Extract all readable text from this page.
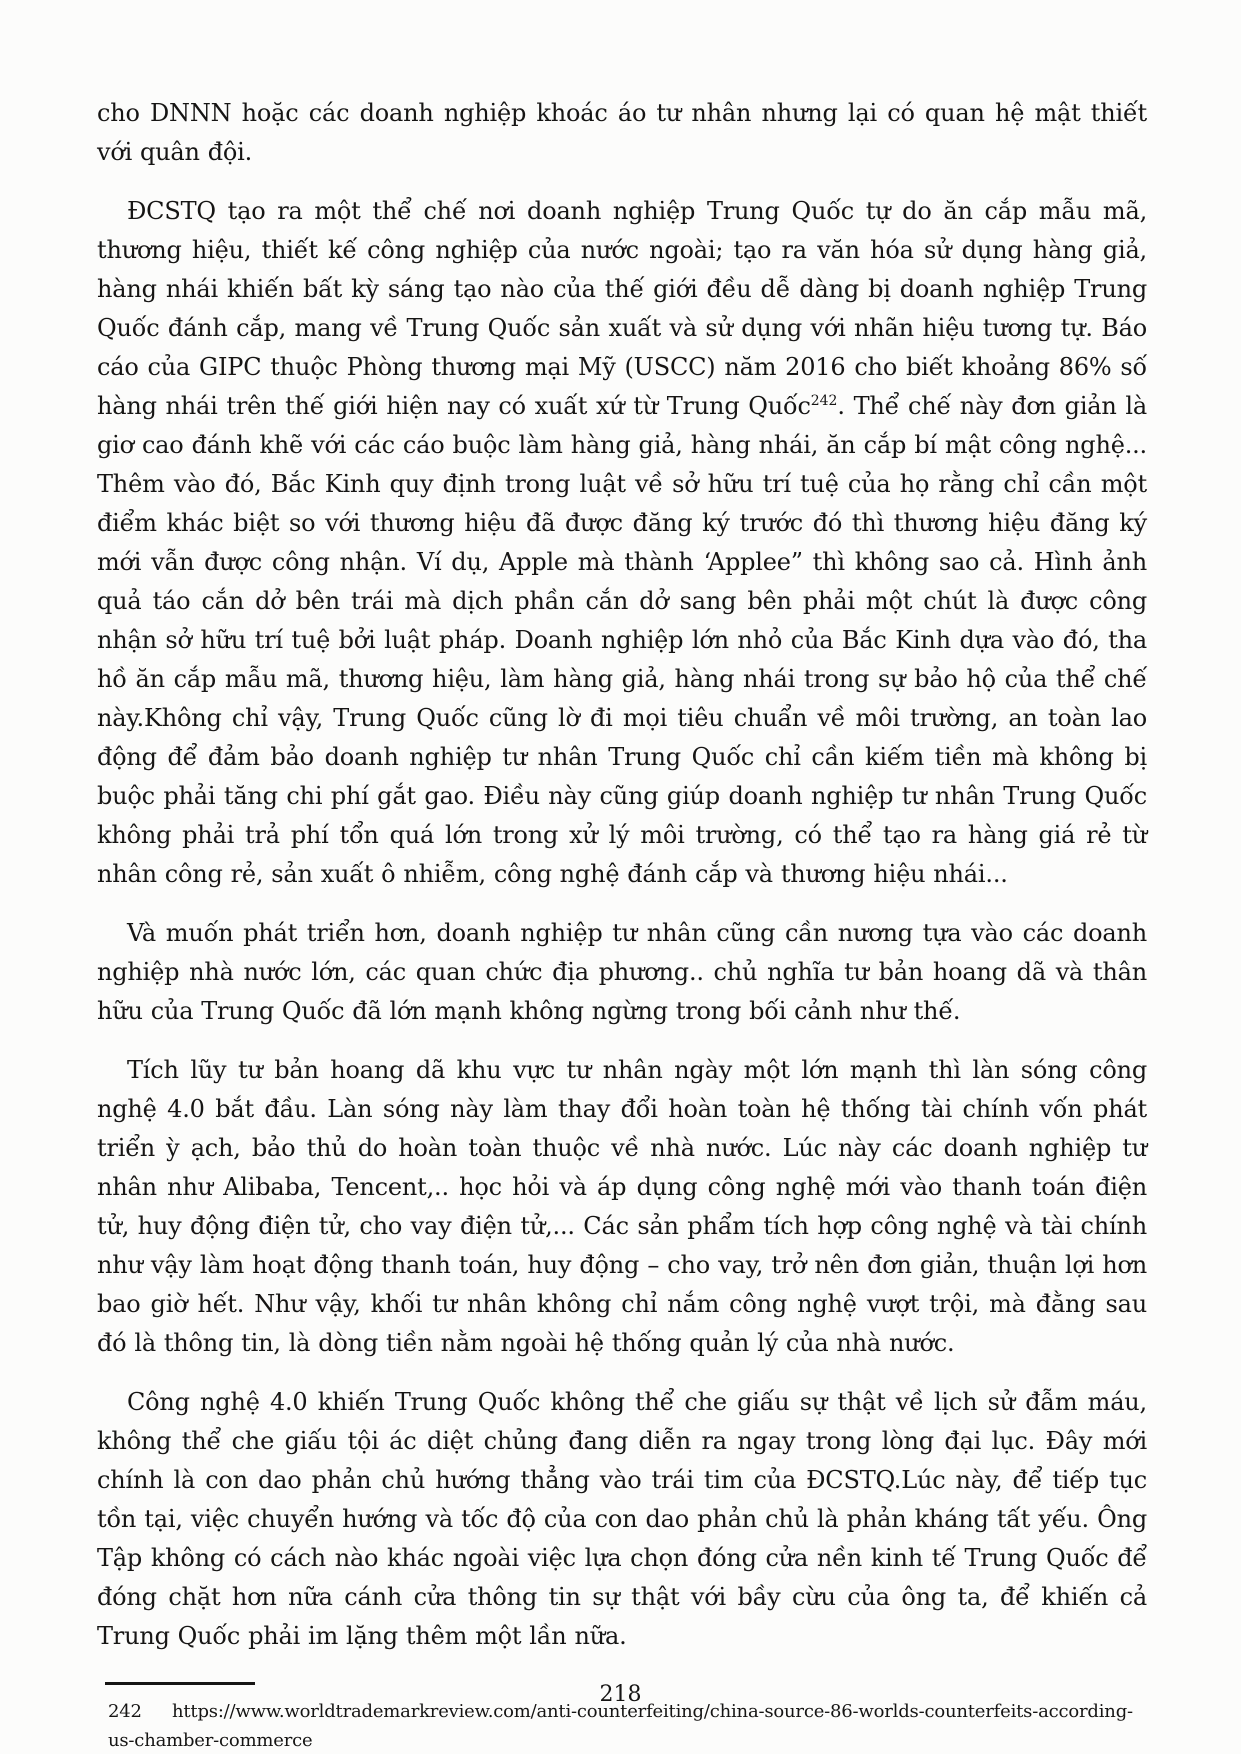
cho DNNN hoặc các doanh nghiệp khoác áo tư nhân nhưng lại có quan hệ mật thiết với quân đội.

ĐCSTQ tạo ra một thể chế nơi doanh nghiệp Trung Quốc tự do ăn cắp mẫu mã, thương hiệu, thiết kế công nghiệp của nước ngoài; tạo ra văn hóa sử dụng hàng giả, hàng nhái khiến bất kỳ sáng tạo nào của thế giới đều dễ dàng bị doanh nghiệp Trung Quốc đánh cắp, mang về Trung Quốc sản xuất và sử dụng với nhãn hiệu tương tự. Báo cáo của GIPC thuộc Phòng thương mại Mỹ (USCC) năm 2016 cho biết khoảng 86% số hàng nhái trên thế giới hiện nay có xuất xứ từ Trung Quốc$^{242}$. Thể chế này đơn giản là giơ cao đánh khẽ với các cáo buộc làm hàng giả, hàng nhái, ăn cắp bí mật công nghệ... Thêm vào đó, Bắc Kinh quy định trong luật về sở hữu trí tuệ của họ rằng chỉ cần một điểm khác biệt so với thương hiệu đã được đăng ký trước đó thì thương hiệu đăng ký mới vẫn được công nhận. Ví dụ, Apple mà thành ‘Applee” thì không sao cả. Hình ảnh quả táo cắn dở bên trái mà dịch phần cắn dở sang bên phải một chút là được công nhận sở hữu trí tuệ bởi luật pháp. Doanh nghiệp lớn nhỏ của Bắc Kinh dựa vào đó, tha hồ ăn cắp mẫu mã, thương hiệu, làm hàng giả, hàng nhái trong sự bảo hộ của thể chế này.Không chỉ vậy, Trung Quốc cũng lờ đi mọi tiêu chuẩn về môi trường, an toàn lao động để đảm bảo doanh nghiệp tư nhân Trung Quốc chỉ cần kiếm tiền mà không bị buộc phải tăng chi phí gắt gao. Điều này cũng giúp doanh nghiệp tư nhân Trung Quốc không phải trả phí tổn quá lớn trong xử lý môi trường, có thể tạo ra hàng giá rẻ từ nhân công rẻ, sản xuất ô nhiễm, công nghệ đánh cắp và thương hiệu nhái...

Và muốn phát triển hơn, doanh nghiệp tư nhân cũng cần nương tựa vào các doanh nghiệp nhà nước lớn, các quan chức địa phương.. chủ nghĩa tư bản hoang dã và thân hữu của Trung Quốc đã lớn mạnh không ngừng trong bối cảnh như thế.

Tích lũy tư bản hoang dã khu vực tư nhân ngày một lớn mạnh thì làn sóng công nghệ 4.0 bắt đầu. Làn sóng này làm thay đổi hoàn toàn hệ thống tài chính vốn phát triển ỳ ạch, bảo thủ do hoàn toàn thuộc về nhà nước. Lúc này các doanh nghiệp tư nhân như Alibaba, Tencent,.. học hỏi và áp dụng công nghệ mới vào thanh toán điện tử, huy động điện tử, cho vay điện tử,... Các sản phẩm tích hợp công nghệ và tài chính như vậy làm hoạt động thanh toán, huy động – cho vay, trở nên đơn giản, thuận lợi hơn bao giờ hết. Như vậy, khối tư nhân không chỉ nắm công nghệ vượt trội, mà đằng sau đó là thông tin, là dòng tiền nằm ngoài hệ thống quản lý của nhà nước.

Công nghệ 4.0 khiến Trung Quốc không thể che giấu sự thật về lịch sử đẫm máu, không thể che giấu tội ác diệt chủng đang diễn ra ngay trong lòng đại lục. Đây mới chính là con dao phản chủ hướng thẳng vào trái tim của ĐCSTQ.Lúc này, để tiếp tục tồn tại, việc chuyển hướng và tốc độ của con dao phản chủ là phản kháng tất yếu. Ông Tập không có cách nào khác ngoài việc lựa chọn đóng cửa nền kinh tế Trung Quốc để đóng chặt hơn nữa cánh cửa thông tin sự thật với bầy cừu của ông ta, để khiến cả Trung Quốc phải im lặng thêm một lần nữa.

242 https://www.worldtrademarkreview.com/anti-counterfeiting/china-source-86-worlds-counterfeits-according-us-chamber-commerce

218
